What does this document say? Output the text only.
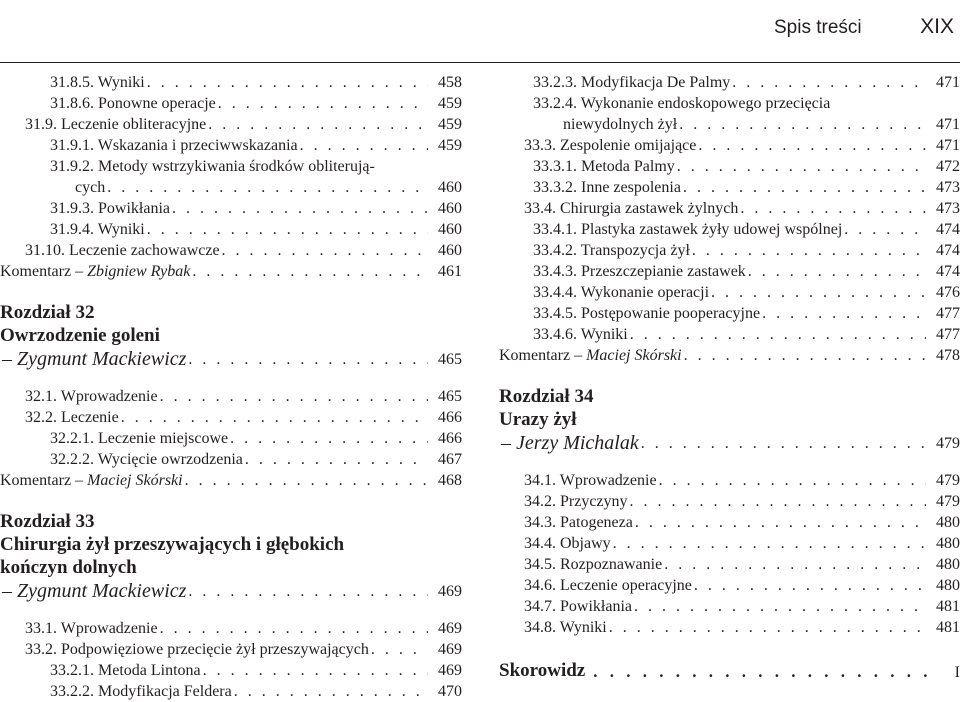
Spis treści	XIX
31.8.5. Wyniki . . .	458
31.8.6. Ponowne operacje . . .	459
31.9. Leczenie obliteracyjne . . .	459
31.9.1. Wskazania i przeciwwskazania . . .	459
31.9.2. Metody wstrzykiwania środków obliterują-
cych . . .	460
31.9.3. Powikłania . . .	460
31.9.4. Wyniki . . .	460
31.10. Leczenie zachowawcze . . .	460
Komentarz – Zbigniew Rybak . . .	461
Rozdział 32
Owrzodzenie goleni
– Zygmunt Mackiewicz . . .	465
32.1. Wprowadzenie . . .	465
32.2. Leczenie . . .	466
32.2.1. Leczenie miejscowe . . .	466
32.2.2. Wycięcie owrzodzenia . . .	467
Komentarz – Maciej Skórski . . .	468
Rozdział 33
Chirurgia żył przeszywających i głębokich
kończyn dolnych
– Zygmunt Mackiewicz . . .	469
33.1. Wprowadzenie . . .	469
33.2. Podpowięziowe przecięcie żył przeszywających . . .	469
33.2.1. Metoda Lintona . . .	469
33.2.2. Modyfikacja Feldera . . .	470
33.2.3. Modyfikacja De Palmy . . .	471
33.2.4. Wykonanie endoskopowego przecięcia
niewydolnych żył . . .	471
33.3. Zespolenie omijające . . .	471
33.3.1. Metoda Palmy . . .	472
33.3.2. Inne zespolenia . . .	473
33.4. Chirurgia zastawek żylnych . . .	473
33.4.1. Plastyka zastawek żyły udowej wspólnej . . .	474
33.4.2. Transpozycja żył . . .	474
33.4.3. Przeszczepianie zastawek . . .	474
33.4.4. Wykonanie operacji . . .	476
33.4.5. Postępowanie pooperacyjne . . .	477
33.4.6. Wyniki . . .	477
Komentarz – Maciej Skórski . . .	478
Rozdział 34
Urazy żył
– Jerzy Michalak . . .	479
34.1. Wprowadzenie . . .	479
34.2. Przyczyny . . .	479
34.3. Patogeneza . . .	480
34.4. Objawy . . .	480
34.5. Rozpoznawanie . . .	480
34.6. Leczenie operacyjne . . .	480
34.7. Powikłania . . .	481
34.8. Wyniki . . .	481
Skorowidz . . .	I
